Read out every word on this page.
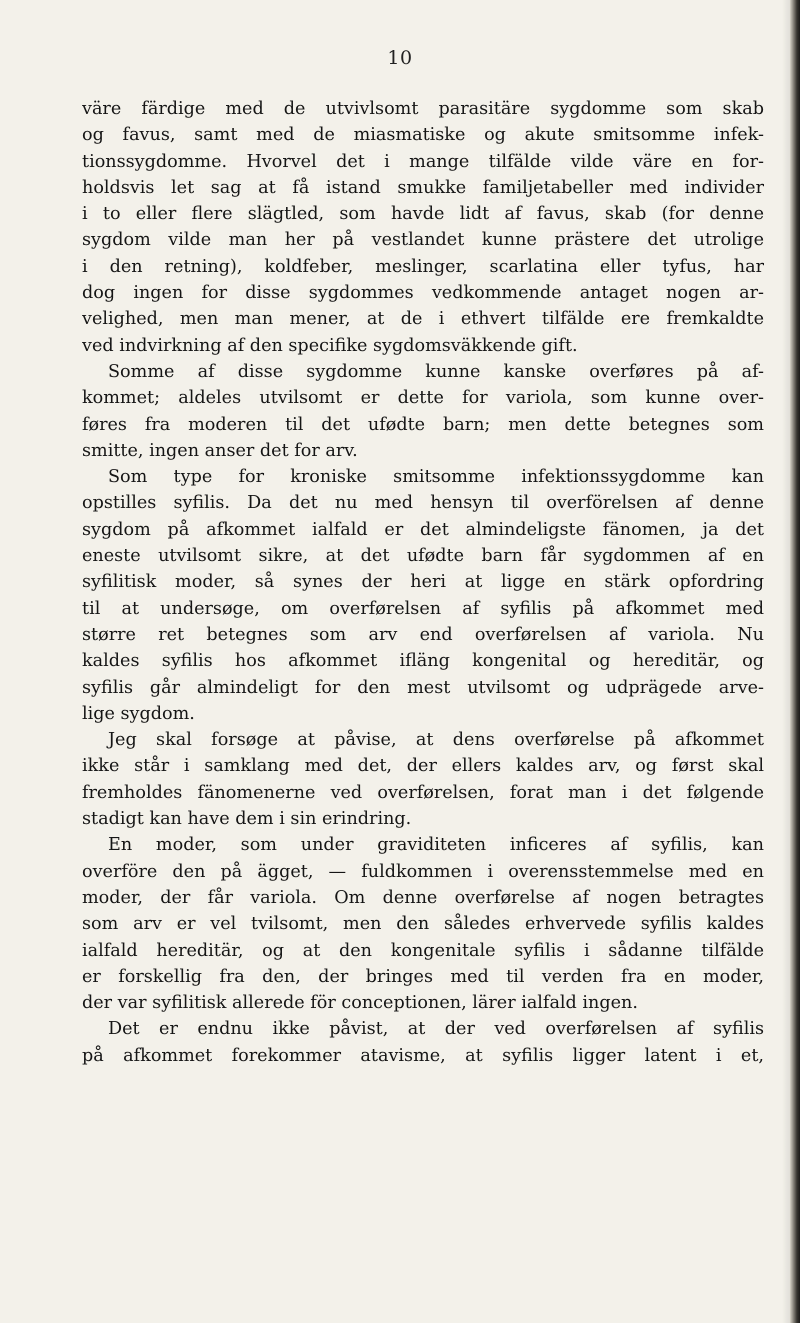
10
väre färdige med de utvivlsomt parasitäre sygdomme som skab
og favus, samt med de miasmatiske og akute smitsomme infek-
tionssygdomme. Hvorvel det i mange tilfälde vilde väre en for-
holdsvis let sag at få istand smukke familjetabeller med individer
i to eller flere slägtled, som havde lidt af favus, skab (for denne
sygdom vilde man her på vestlandet kunne prästere det utrolige
i den retning), koldfeber, meslinger, scarlatina eller tyfus, har
dog ingen for disse sygdommes vedkommende antaget nogen ar-
velighed, men man mener, at de i ethvert tilfälde ere fremkaldte
ved indvirkning af den specifike sygdomsväkkende gift.
Somme af disse sygdomme kunne kanske overføres på af-
kommet; aldeles utvilsomt er dette for variola, som kunne over-
føres fra moderen til det ufødte barn; men dette betegnes som
smitte, ingen anser det for arv.
Som type for kroniske smitsomme infektionssygdomme kan
opstilles syfilis. Da det nu med hensyn til overförelsen af denne
sygdom på afkommet ialfald er det almindeligste fänomen, ja det
eneste utvilsomt sikre, at det ufødte barn får sygdommen af en
syfilitisk moder, så synes der heri at ligge en stärk opfordring
til at undersøge, om overførelsen af syfilis på afkommet med
større ret betegnes som arv end overførelsen af variola. Nu
kaldes syfilis hos afkommet ifläng kongenital og hereditär, og
syfilis går almindeligt for den mest utvilsomt og udprägede arve-
lige sygdom.
Jeg skal forsøge at påvise, at dens overførelse på afkommet
ikke står i samklang med det, der ellers kaldes arv, og først skal
fremholdes fänomenerne ved overførelsen, forat man i det følgende
stadigt kan have dem i sin erindring.
En moder, som under graviditeten inficeres af syfilis, kan
overföre den på ägget, — fuldkommen i overensstemmelse med en
moder, der får variola. Om denne overførelse af nogen betragtes
som arv er vel tvilsomt, men den således erhvervede syfilis kaldes
ialfald hereditär, og at den kongenitale syfilis i sådanne tilfälde
er forskellig fra den, der bringes med til verden fra en moder,
der var syfilitisk allerede för conceptionen, lärer ialfald ingen.
Det er endnu ikke påvist, at der ved overførelsen af syfilis
på afkommet forekommer atavisme, at syfilis ligger latent i et,
